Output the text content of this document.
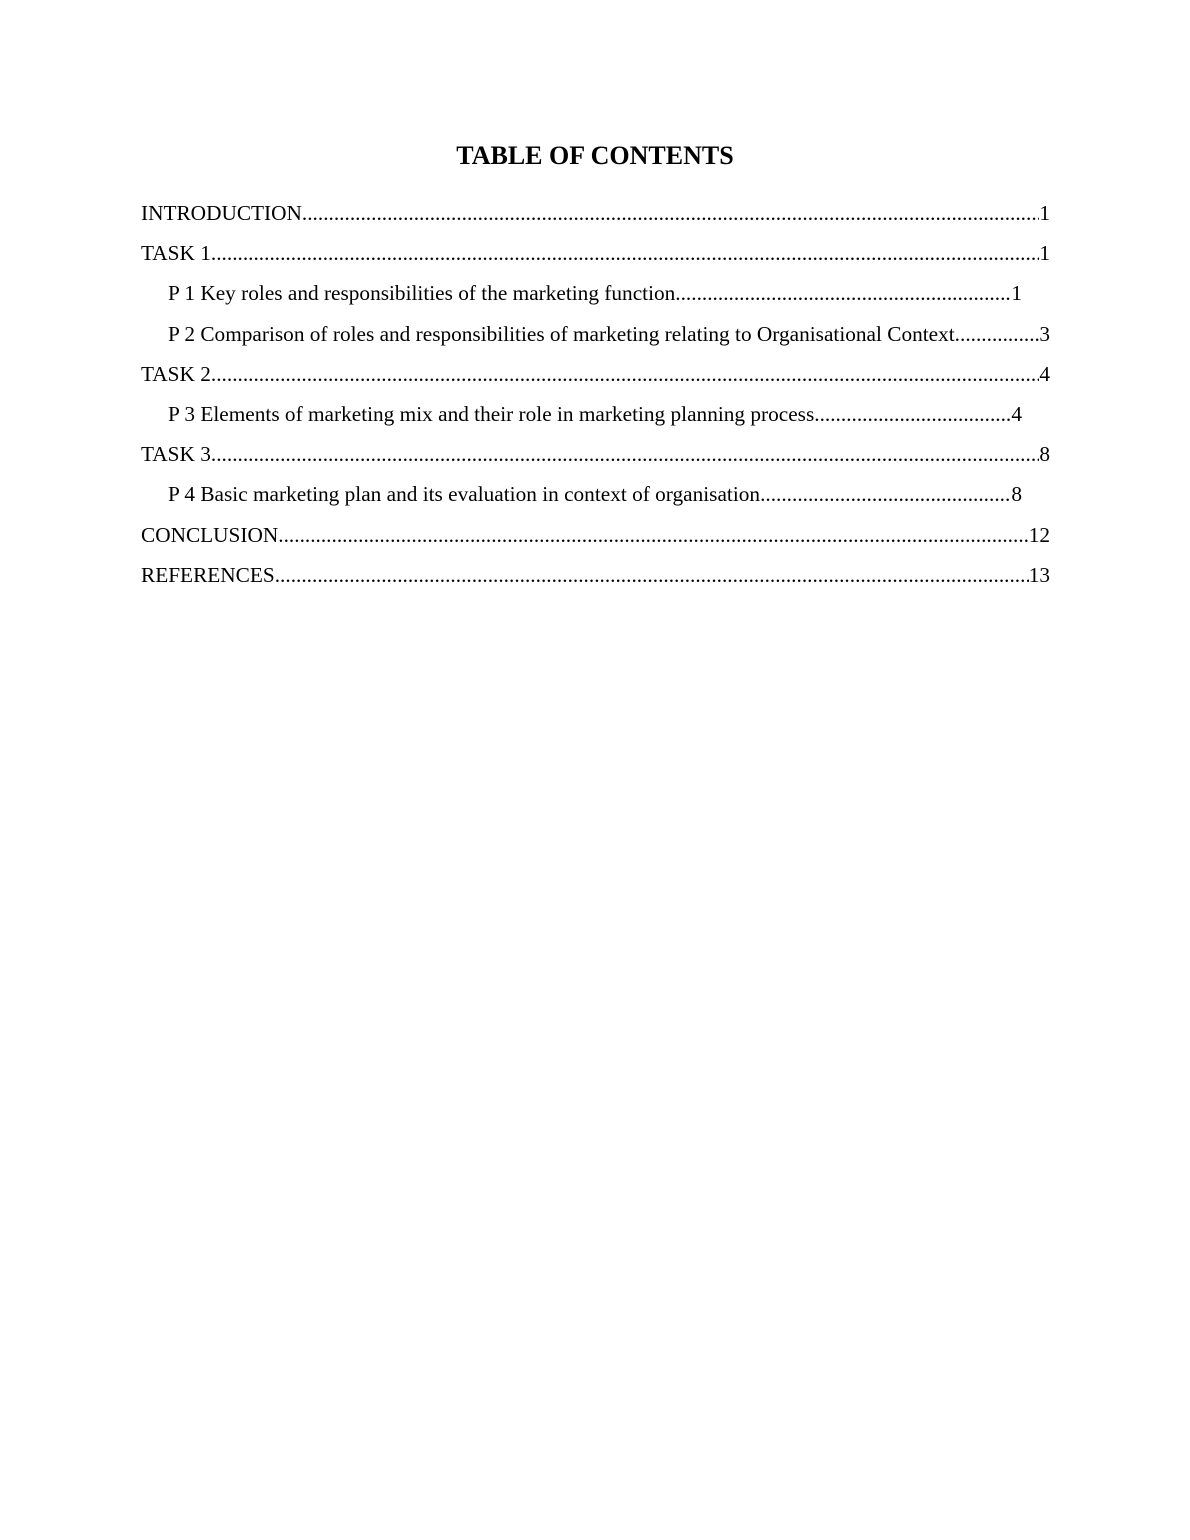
TABLE OF CONTENTS
INTRODUCTION .....	1
TASK 1 .....	1
P 1 Key roles and responsibilities of the marketing function. .....	1
P 2 Comparison of roles and responsibilities of marketing relating to Organisational Context. .....	3
TASK 2 .....	4
P 3 Elements of marketing mix and their role in marketing planning process .....	4
TASK 3 .....	8
P 4 Basic marketing plan and its evaluation in context of organisation .....	8
CONCLUSION .....	12
REFERENCES .....	13
